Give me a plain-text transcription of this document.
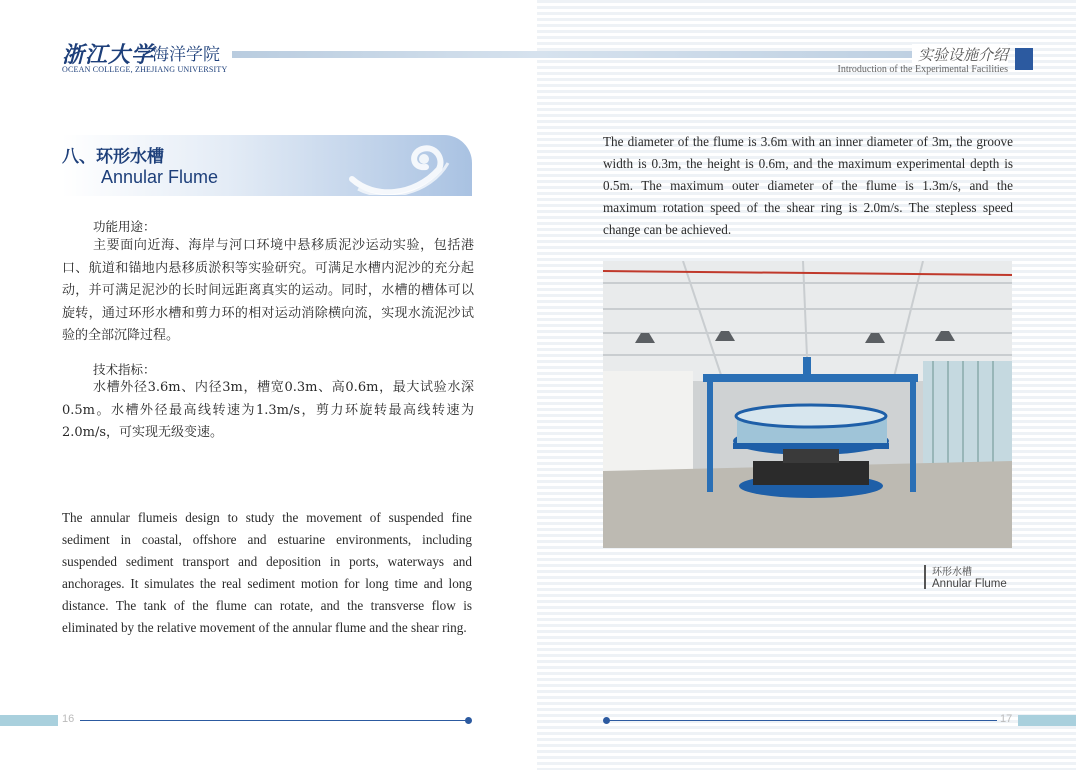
浙江大学
海洋学院
OCEAN COLLEGE, ZHEJIANG UNIVERSITY
实验设施介绍
Introduction of the Experimental Facilities
八、环形水槽
Annular Flume
功能用途：
主要面向近海、海岸与河口环境中悬移质泥沙运动实验，包括港口、航道和锚地内悬移质淤积等实验研究。可满足水槽内泥沙的充分起动，并可满足泥沙的长时间远距离真实的运动。同时，水槽的槽体可以旋转，通过环形水槽和剪力环的相对运动消除横向流，实现水流泥沙试验的全部沉降过程。
技术指标：
水槽外径3.6m、内径3m，槽宽0.3m、高0.6m，最大试验水深0.5m。水槽外径最高线转速为1.3m/s，剪力环旋转最高线转速为2.0m/s，可实现无级变速。
The annular flumeis design to study the movement of suspended fine sediment in coastal, offshore and estuarine environments, including suspended sediment transport and deposition in ports, waterways and anchorages. It simulates the real sediment motion for long time and long distance. The tank of the flume can rotate, and the transverse flow is eliminated by the relative movement of the annular flume and the shear ring.
The diameter of the flume is 3.6m with an inner diameter of 3m, the groove width is 0.3m, the height is 0.6m, and the maximum experimental depth is 0.5m. The maximum outer diameter of the flume is 1.3m/s, and the maximum rotation speed of the shear ring is 2.0m/s. The stepless speed change can be achieved.
环形水槽
Annular Flume
16	17
